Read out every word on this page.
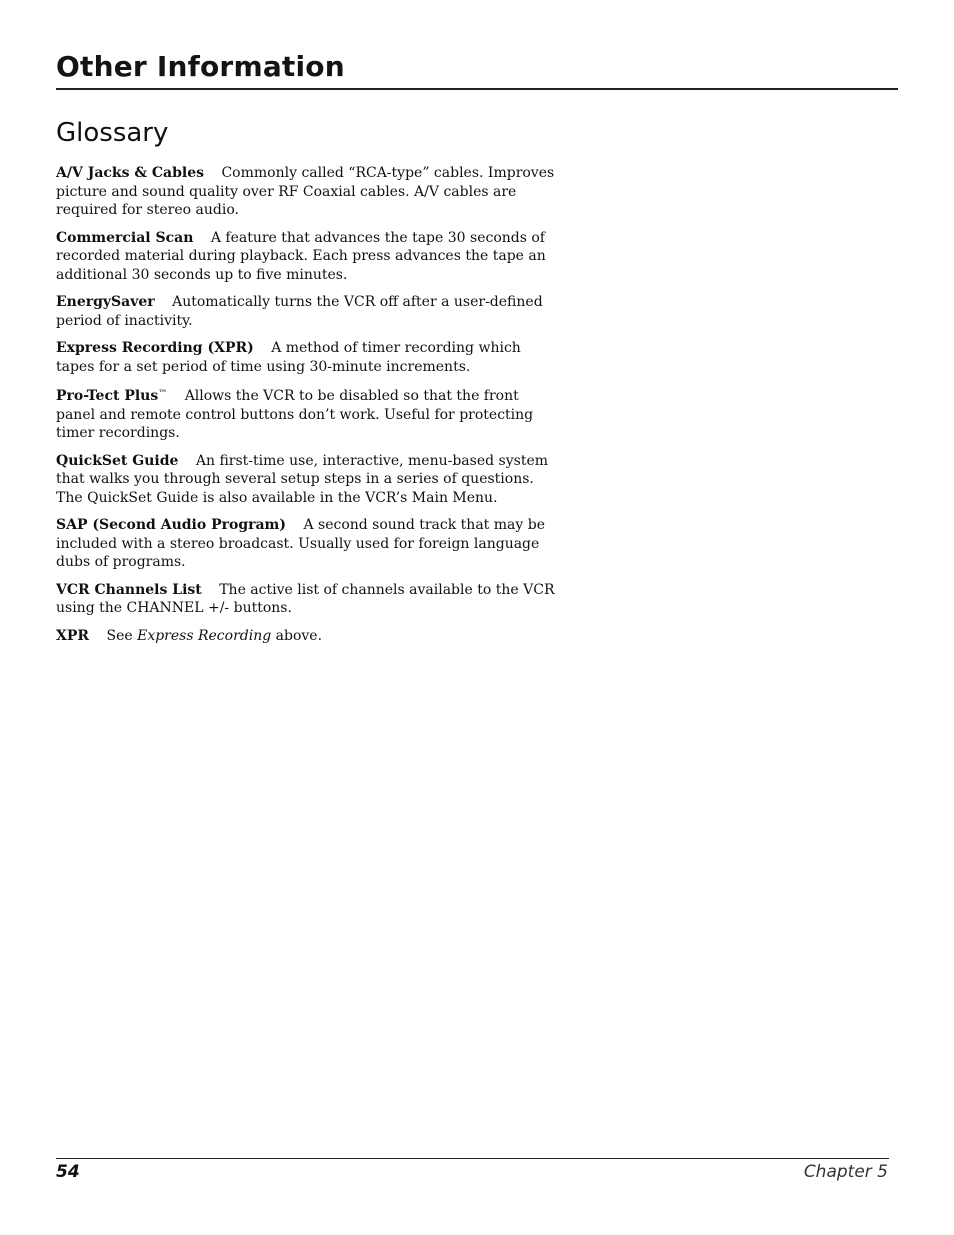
Other Information
Glossary

A/V Jacks & Cables Commonly called “RCA-type” cables. Improves picture and sound quality over RF Coaxial cables. A/V cables are required for stereo audio.

Commercial Scan A feature that advances the tape 30 seconds of recorded material during playback. Each press advances the tape an additional 30 seconds up to five minutes.

EnergySaver Automatically turns the VCR off after a user-defined period of inactivity.

Express Recording (XPR) A method of timer recording which tapes for a set period of time using 30-minute increments.

Pro-Tect Plus™ Allows the VCR to be disabled so that the front panel and remote control buttons don’t work. Useful for protecting timer recordings.

QuickSet Guide An first-time use, interactive, menu-based system that walks you through several setup steps in a series of questions. The QuickSet Guide is also available in the VCR’s Main Menu.

SAP (Second Audio Program) A second sound track that may be included with a stereo broadcast. Usually used for foreign language dubs of programs.

VCR Channels List The active list of channels available to the VCR using the CHANNEL +/- buttons.

XPR See Express Recording above.

54	Chapter 5
